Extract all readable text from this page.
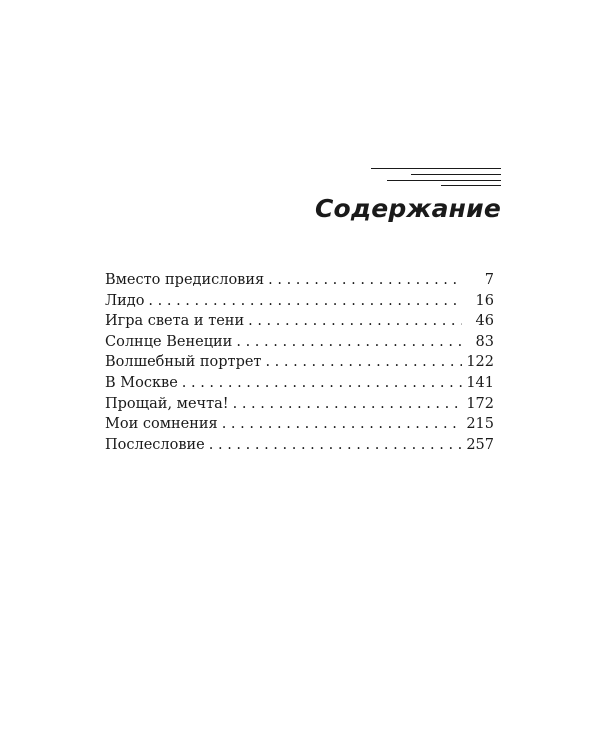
Содержание
Вместо предисловия . . .	7
Лидо . . .	16
Игра света и тени . . .	46
Солнце Венеции . . .	83
Волшебный портрет . . .	122
В Москве . . .	141
Прощай, мечта! . . .	172
Мои сомнения . . .	215
Послесловие . . .	257
